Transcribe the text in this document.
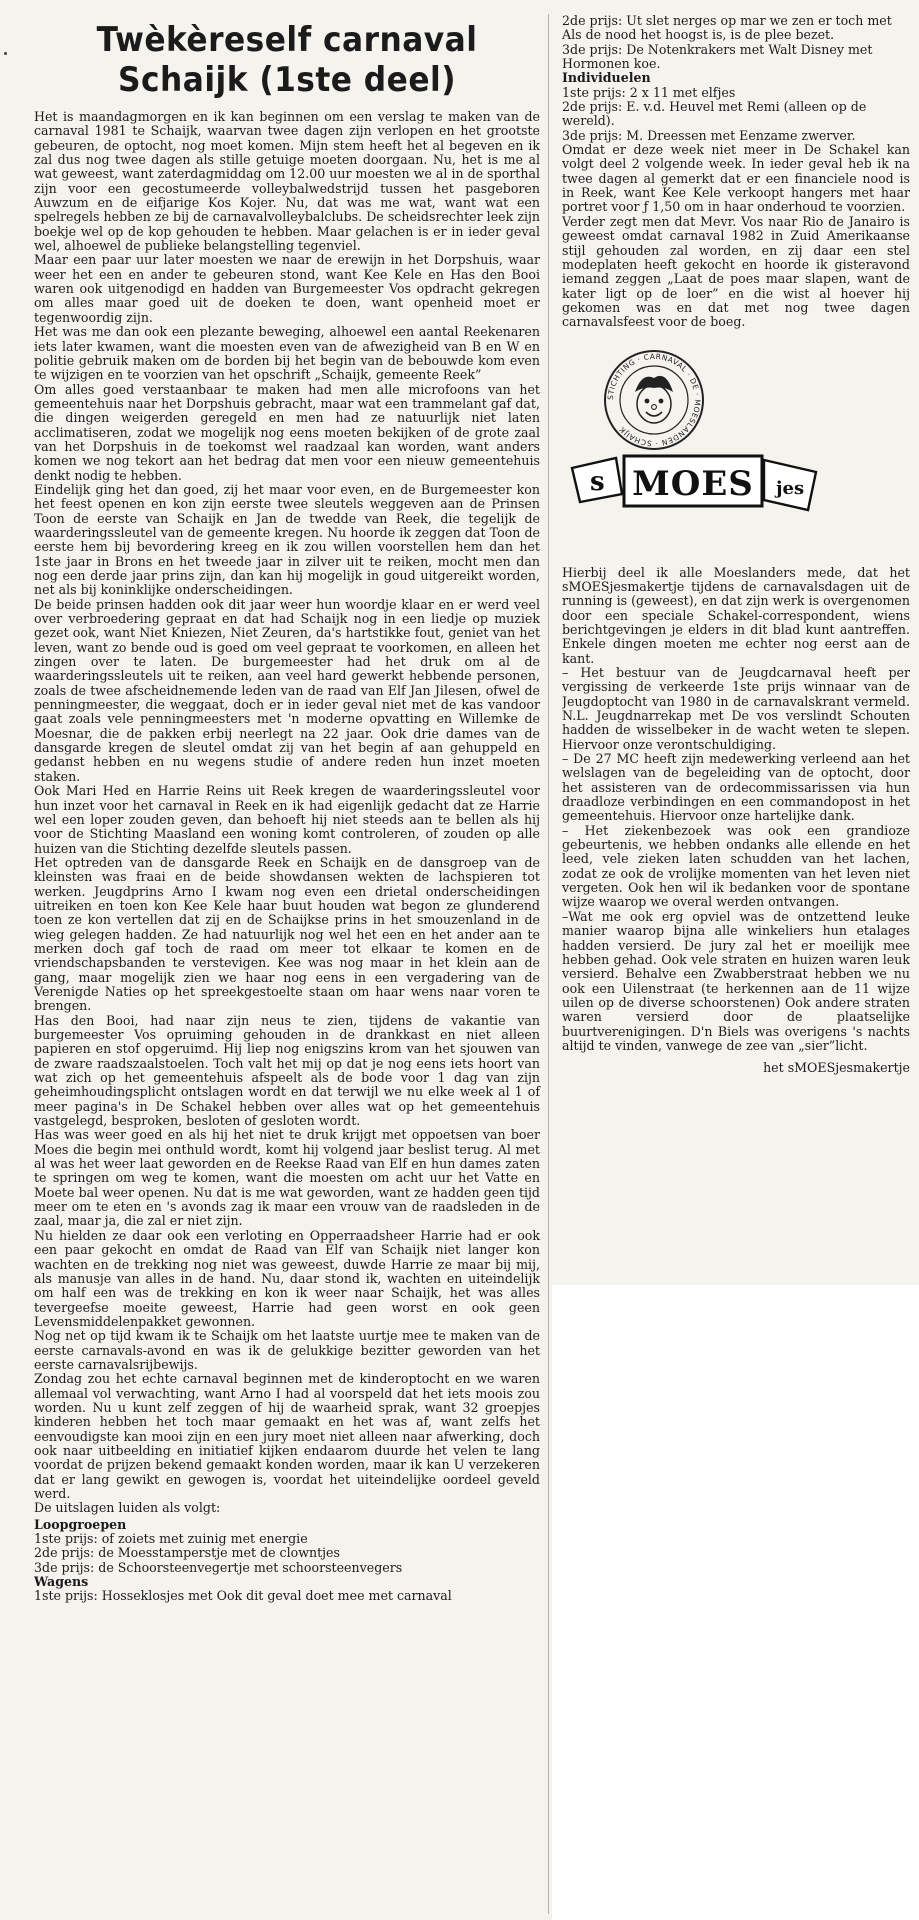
Twèkèreself carnaval
Schaijk (1ste deel)

Het is maandagmorgen en ik kan beginnen om een verslag te maken van de carnaval 1981 te Schaijk, waarvan twee dagen zijn verlopen en het grootste gebeuren, de optocht, nog moet komen. Mijn stem heeft het al begeven en ik zal dus nog twee dagen als stille getuige moeten doorgaan. Nu, het is me al wat geweest, want zaterdagmiddag om 12.00 uur moesten we al in de sporthal zijn voor een gecostumeerde volleybalwedstrijd tussen het pasgeboren Auwzum en de eifjarige Kos Kojer. Nu, dat was me wat, want wat een spelregels hebben ze bij de carnavalvolleybalclubs. De scheidsrechter leek zijn boekje wel op de kop gehouden te hebben. Maar gelachen is er in ieder geval wel, alhoewel de publieke belangstelling tegenviel.

Maar een paar uur later moesten we naar de erewijn in het Dorpshuis, waar weer het een en ander te gebeuren stond, want Kee Kele en Has den Booi waren ook uitgenodigd en hadden van Burgemeester Vos opdracht gekregen om alles maar goed uit de doeken te doen, want openheid moet er tegenwoordig zijn.

Het was me dan ook een plezante beweging, alhoewel een aantal Reekenaren iets later kwamen, want die moesten even van de afwezigheid van B en W en politie gebruik maken om de borden bij het begin van de bebouwde kom even te wijzigen en te voorzien van het opschrift „Schaijk, gemeente Reek”

Om alles goed verstaanbaar te maken had men alle microfoons van het gemeentehuis naar het Dorpshuis gebracht, maar wat een trammelant gaf dat, die dingen weigerden geregeld en men had ze natuurlijk niet laten acclimatiseren, zodat we mogelijk nog eens moeten bekijken of de grote zaal van het Dorpshuis in de toekomst wel raadzaal kan worden, want anders komen we nog tekort aan het bedrag dat men voor een nieuw gemeentehuis denkt nodig te hebben.

Eindelijk ging het dan goed, zij het maar voor even, en de Burgemeester kon het feest openen en kon zijn eerste twee sleutels weggeven aan de Prinsen Toon de eerste van Schaijk en Jan de twedde van Reek, die tegelijk de waarderingssleutel van de gemeente kregen. Nu hoorde ik zeggen dat Toon de eerste hem bij bevordering kreeg en ik zou willen voorstellen hem dan het 1ste jaar in Brons en het tweede jaar in zilver uit te reiken, mocht men dan nog een derde jaar prins zijn, dan kan hij mogelijk in goud uitgereikt worden, net als bij koninklijke onderscheidingen.

De beide prinsen hadden ook dit jaar weer hun woordje klaar en er werd veel over verbroedering gepraat en dat had Schaijk nog in een liedje op muziek gezet ook, want Niet Kniezen, Niet Zeuren, da's hartstikke fout, geniet van het leven, want zo bende oud is goed om veel gepraat te voorkomen, en alleen het zingen over te laten. De burgemeester had het druk om al de waarderingssleutels uit te reiken, aan veel hard gewerkt hebbende personen, zoals de twee afscheidnemende leden van de raad van Elf Jan Jilesen, ofwel de penningmeester, die weggaat, doch er in ieder geval niet met de kas vandoor gaat zoals vele penningmeesters met 'n moderne opvatting en Willemke de Moesnar, die de pakken erbij neerlegt na 22 jaar. Ook drie dames van de dansgarde kregen de sleutel omdat zij van het begin af aan gehuppeld en gedanst hebben en nu wegens studie of andere reden hun inzet moeten staken.

Ook Mari Hed en Harrie Reins uit Reek kregen de waarderingssleutel voor hun inzet voor het carnaval in Reek en ik had eigenlijk gedacht dat ze Harrie wel een loper zouden geven, dan behoeft hij niet steeds aan te bellen als hij voor de Stichting Maasland een woning komt controleren, of zouden op alle huizen van die Stichting dezelfde sleutels passen.

Het optreden van de dansgarde Reek en Schaijk en de dansgroep van de kleinsten was fraai en de beide showdansen wekten de lachspieren tot werken. Jeugdprins Arno I kwam nog even een drietal onderscheidingen uitreiken en toen kon Kee Kele haar buut houden wat begon ze glunderend toen ze kon vertellen dat zij en de Schaijkse prins in het smouzenland in de wieg gelegen hadden. Ze had natuurlijk nog wel het een en het ander aan te merken doch gaf toch de raad om meer tot elkaar te komen en de vriendschapsbanden te verstevigen. Kee was nog maar in het klein aan de gang, maar mogelijk zien we haar nog eens in een vergadering van de Verenigde Naties op het spreekgestoelte staan om haar wens naar voren te brengen.

Has den Booi, had naar zijn neus te zien, tijdens de vakantie van burgemeester Vos opruiming gehouden in de drankkast en niet alleen papieren en stof opgeruimd. Hij liep nog enigszins krom van het sjouwen van de zware raadszaalstoelen. Toch valt het mij op dat je nog eens iets hoort van wat zich op het gemeentehuis afspeelt als de bode voor 1 dag van zijn geheimhoudingsplicht ontslagen wordt en dat terwijl we nu elke week al 1 of meer pagina's in De Schakel hebben over alles wat op het gemeentehuis vastgelegd, besproken, besloten of gesloten wordt.

Has was weer goed en als hij het niet te druk krijgt met oppoetsen van boer Moes die begin mei onthuld wordt, komt hij volgend jaar beslist terug. Al met al was het weer laat geworden en de Reekse Raad van Elf en hun dames zaten te springen om weg te komen, want die moesten om acht uur het Vatte en Moete bal weer openen. Nu dat is me wat geworden, want ze hadden geen tijd meer om te eten en 's avonds zag ik maar een vrouw van de raadsleden in de zaal, maar ja, die zal er niet zijn.

Nu hielden ze daar ook een verloting en Opperraadsheer Harrie had er ook een paar gekocht en omdat de Raad van Elf van Schaijk niet langer kon wachten en de trekking nog niet was geweest, duwde Harrie ze maar bij mij, als manusje van alles in de hand. Nu, daar stond ik, wachten en uiteindelijk om half een was de trekking en kon ik weer naar Schaijk, het was alles tevergeefse moeite geweest, Harrie had geen worst en ook geen Levensmiddelenpakket gewonnen.

Nog net op tijd kwam ik te Schaijk om het laatste uurtje mee te maken van de eerste carnavals-avond en was ik de gelukkige bezitter geworden van het eerste carnavalsrijbewijs.

Zondag zou het echte carnaval beginnen met de kinderoptocht en we waren allemaal vol verwachting, want Arno I had al voorspeld dat het iets moois zou worden. Nu u kunt zelf zeggen of hij de waarheid sprak, want 32 groepjes kinderen hebben het toch maar gemaakt en het was af, want zelfs het eenvoudigste kan mooi zijn en een jury moet niet alleen naar afwerking, doch ook naar uitbeelding en initiatief kijken endaarom duurde het velen te lang voordat de prijzen bekend gemaakt konden worden, maar ik kan U verzekeren dat er lang gewikt en gewogen is, voordat het uiteindelijke oordeel geveld werd.

De uitslagen luiden als volgt:

Loopgroepen
1ste prijs: of zoiets met zuinig met energie
2de prijs: de Moesstamperstje met de clowntjes
3de prijs: de Schoorsteenvegertje met schoorsteenvegers
Wagens
1ste prijs: Hosseklosjes met Ook dit geval doet mee met carnaval
2de prijs: Ut slet nerges op mar we zen er toch met Als de nood het hoogst is, is de plee bezet.
3de prijs: De Notenkrakers met Walt Disney met Hormonen koe.
Individuelen
1ste prijs: 2 x 11 met elfjes
2de prijs: E. v.d. Heuvel met Remi (alleen op de wereld).
3de prijs: M. Dreessen met Eenzame zwerver.

Omdat er deze week niet meer in De Schakel kan volgt deel 2 volgende week. In ieder geval heb ik na twee dagen al gemerkt dat er een financiele nood is in Reek, want Kee Kele verkoopt hangers met haar portret voor ƒ 1,50 om in haar onderhoud te voorzien.

Verder zegt men dat Mevr. Vos naar Rio de Janairo is geweest omdat carnaval 1982 in Zuid Amerikaanse stijl gehouden zal worden, en zij daar een stel modeplaten heeft gekocht en hoorde ik gisteravond iemand zeggen „Laat de poes maar slapen, want de kater ligt op de loer” en die wist al hoever hij gekomen was en dat met nog twee dagen carnavalsfeest voor de boeg.

STICHTING · CARNAVAL · DE · MOESLANDEN · SCHAIJK
s MOES jes

Hierbij deel ik alle Moeslanders mede, dat het sMOESjesmakertje tijdens de carnavalsdagen uit de running is (geweest), en dat zijn werk is overgenomen door een speciale Schakel-correspondent, wiens berichtgevingen je elders in dit blad kunt aantreffen. Enkele dingen moeten me echter nog eerst aan de kant.

– Het bestuur van de Jeugdcarnaval heeft per vergissing de verkeerde 1ste prijs winnaar van de Jeugdoptocht van 1980 in de carnavalskrant vermeld. N.L. Jeugdnarrekap met De vos verslindt Schouten hadden de wisselbeker in de wacht weten te slepen. Hiervoor onze verontschuldiging.

– De 27 MC heeft zijn medewerking verleend aan het welslagen van de begeleiding van de optocht, door het assisteren van de ordecommissarissen via hun draadloze verbindingen en een commandopost in het gemeentehuis. Hiervoor onze hartelijke dank.

– Het ziekenbezoek was ook een grandioze gebeurtenis, we hebben ondanks alle ellende en het leed, vele zieken laten schudden van het lachen, zodat ze ook de vrolijke momenten van het leven niet vergeten. Ook hen wil ik bedanken voor de spontane wijze waarop we overal werden ontvangen.

–Wat me ook erg opviel was de ontzettend leuke manier waarop bijna alle winkeliers hun etalages hadden versierd. De jury zal het er moeilijk mee hebben gehad. Ook vele straten en huizen waren leuk versierd. Behalve een Zwabberstraat hebben we nu ook een Uilenstraat (te herkennen aan de 11 wijze uilen op de diverse schoorstenen) Ook andere straten waren versierd door de plaatselijke buurtverenigingen. D'n Biels was overigens 's nachts altijd te vinden, vanwege de zee van „sier”licht.

het sMOESjesmakertje
